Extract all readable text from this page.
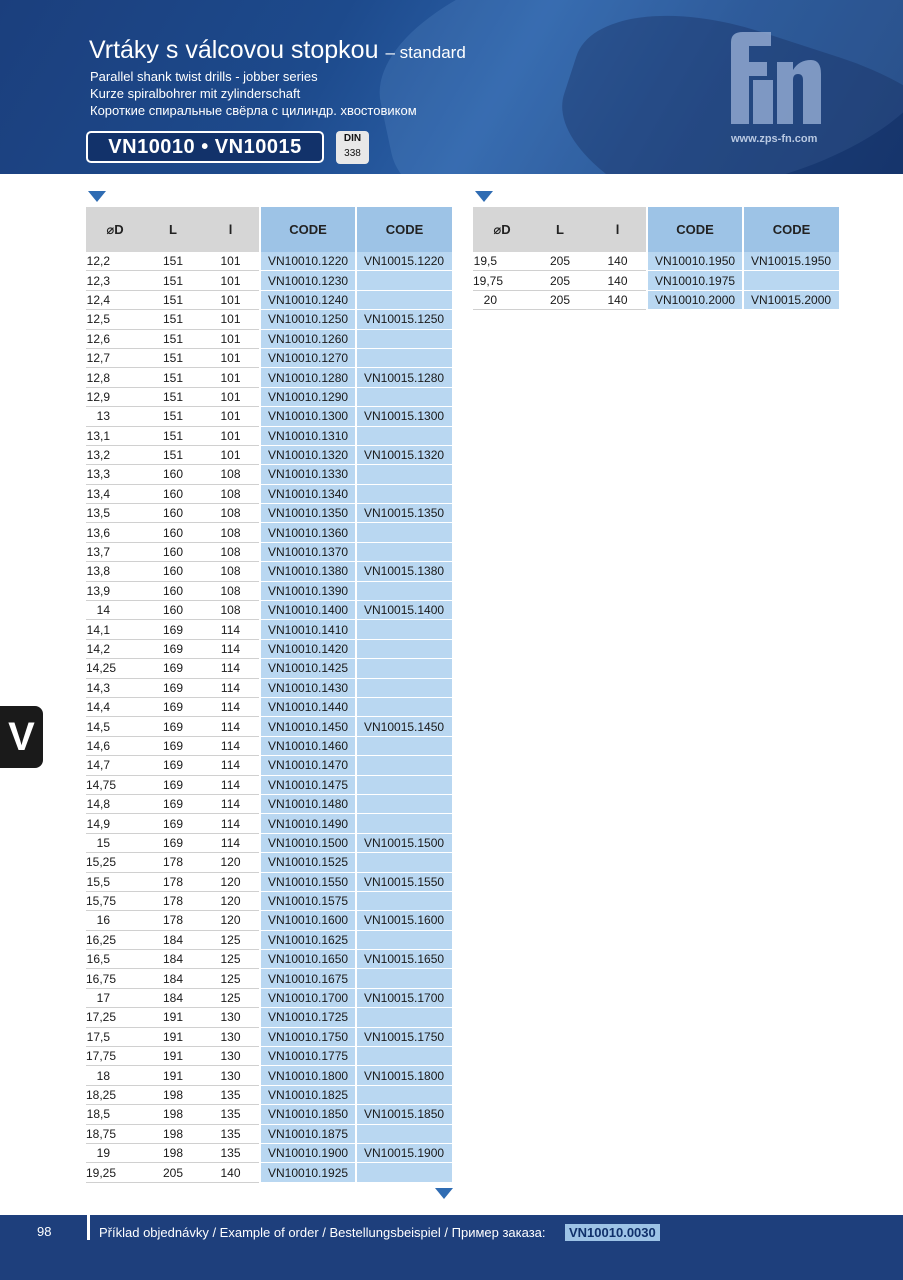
Vrtáky s válcovou stopkou – standard
Parallel shank twist drills - jobber series
Kurze spiralbohrer mit zylinderschaft
Короткие спиральные свёрла с цилиндр. хвостовиком
VN10010 • VN10015	DIN
338
www.zps-fn.com
⌀D	L	l	CODE	CODE
12,2	151	101	VN10010.1220	VN10015.1220
12,3	151	101	VN10010.1230	
12,4	151	101	VN10010.1240	
12,5	151	101	VN10010.1250	VN10015.1250
12,6	151	101	VN10010.1260	
12,7	151	101	VN10010.1270	
12,8	151	101	VN10010.1280	VN10015.1280
12,9	151	101	VN10010.1290	
13	151	101	VN10010.1300	VN10015.1300
13,1	151	101	VN10010.1310	
13,2	151	101	VN10010.1320	VN10015.1320
13,3	160	108	VN10010.1330	
13,4	160	108	VN10010.1340	
13,5	160	108	VN10010.1350	VN10015.1350
13,6	160	108	VN10010.1360	
13,7	160	108	VN10010.1370	
13,8	160	108	VN10010.1380	VN10015.1380
13,9	160	108	VN10010.1390	
14	160	108	VN10010.1400	VN10015.1400
14,1	169	114	VN10010.1410	
14,2	169	114	VN10010.1420	
14,25	169	114	VN10010.1425	
14,3	169	114	VN10010.1430	
14,4	169	114	VN10010.1440	
14,5	169	114	VN10010.1450	VN10015.1450
14,6	169	114	VN10010.1460	
14,7	169	114	VN10010.1470	
14,75	169	114	VN10010.1475	
14,8	169	114	VN10010.1480	
14,9	169	114	VN10010.1490	
15	169	114	VN10010.1500	VN10015.1500
15,25	178	120	VN10010.1525	
15,5	178	120	VN10010.1550	VN10015.1550
15,75	178	120	VN10010.1575	
16	178	120	VN10010.1600	VN10015.1600
16,25	184	125	VN10010.1625	
16,5	184	125	VN10010.1650	VN10015.1650
16,75	184	125	VN10010.1675	
17	184	125	VN10010.1700	VN10015.1700
17,25	191	130	VN10010.1725	
17,5	191	130	VN10010.1750	VN10015.1750
17,75	191	130	VN10010.1775	
18	191	130	VN10010.1800	VN10015.1800
18,25	198	135	VN10010.1825	
18,5	198	135	VN10010.1850	VN10015.1850
18,75	198	135	VN10010.1875	
19	198	135	VN10010.1900	VN10015.1900
19,25	205	140	VN10010.1925	
⌀D	L	l	CODE	CODE
19,5	205	140	VN10010.1950	VN10015.1950
19,75	205	140	VN10010.1975	
20	205	140	VN10010.2000	VN10015.2000
V
98	Příklad objednávky / Example of order / Bestellungsbeispiel / Пример заказа:	VN10010.0030
